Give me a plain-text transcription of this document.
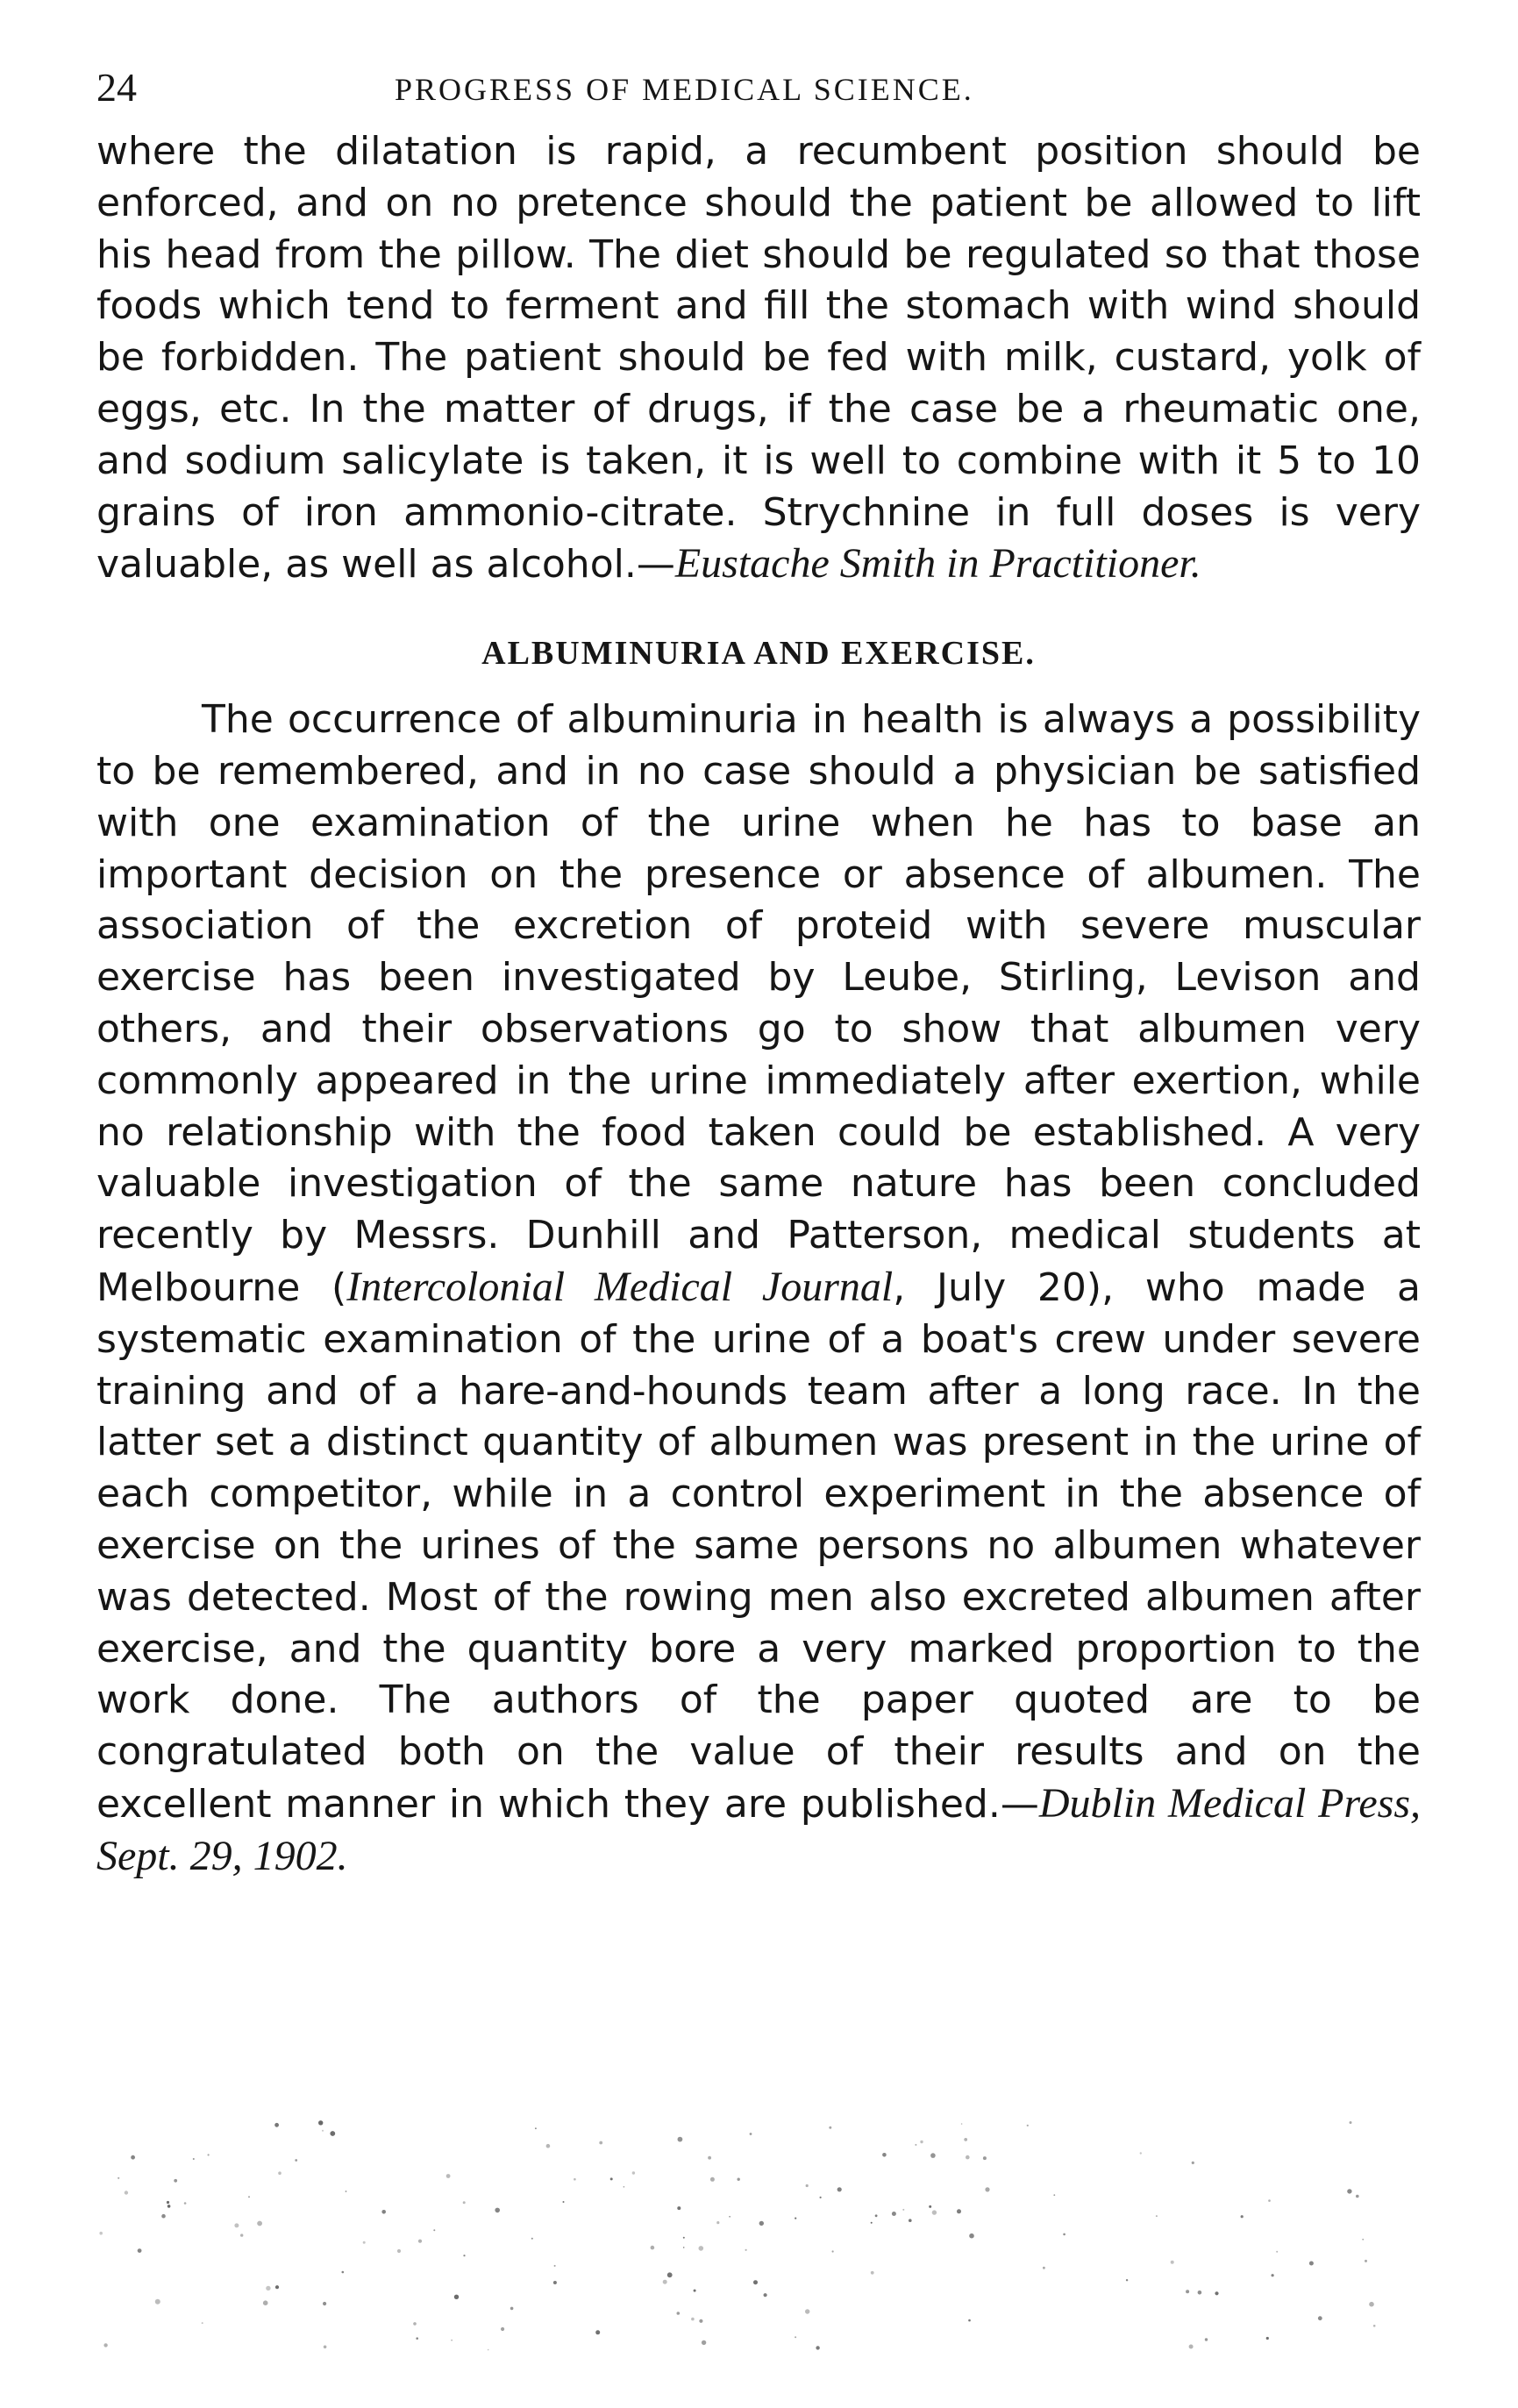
24	PROGRESS OF MEDICAL SCIENCE.

where the dilatation is rapid, a recumbent position should be enforced, and on no pretence should the patient be allowed to lift his head from the pillow. The diet should be regulated so that those foods which tend to ferment and fill the stomach with wind should be forbidden. The patient should be fed with milk, custard, yolk of eggs, etc. In the matter of drugs, if the case be a rheumatic one, and sodium salicylate is taken, it is well to combine with it 5 to 10 grains of iron ammonio-citrate. Strychnine in full doses is very valuable, as well as alcohol.—Eustache Smith in Practitioner.

ALBUMINURIA AND EXERCISE.

The occurrence of albuminuria in health is always a possibility to be remembered, and in no case should a physician be satisfied with one examination of the urine when he has to base an important decision on the presence or absence of albumen. The association of the excretion of proteid with severe muscular exercise has been investigated by Leube, Stirling, Levison and others, and their observations go to show that albumen very commonly appeared in the urine immediately after exertion, while no relationship with the food taken could be established. A very valuable investigation of the same nature has been concluded recently by Messrs. Dunhill and Patterson, medical students at Melbourne (Intercolonial Medical Journal, July 20), who made a systematic examination of the urine of a boat's crew under severe training and of a hare-and-hounds team after a long race. In the latter set a distinct quantity of albumen was present in the urine of each competitor, while in a control experiment in the absence of exercise on the urines of the same persons no albumen whatever was detected. Most of the rowing men also excreted albumen after exercise, and the quantity bore a very marked proportion to the work done. The authors of the paper quoted are to be congratulated both on the value of their results and on the excellent manner in which they are published.—Dublin Medical Press, Sept. 29, 1902.
